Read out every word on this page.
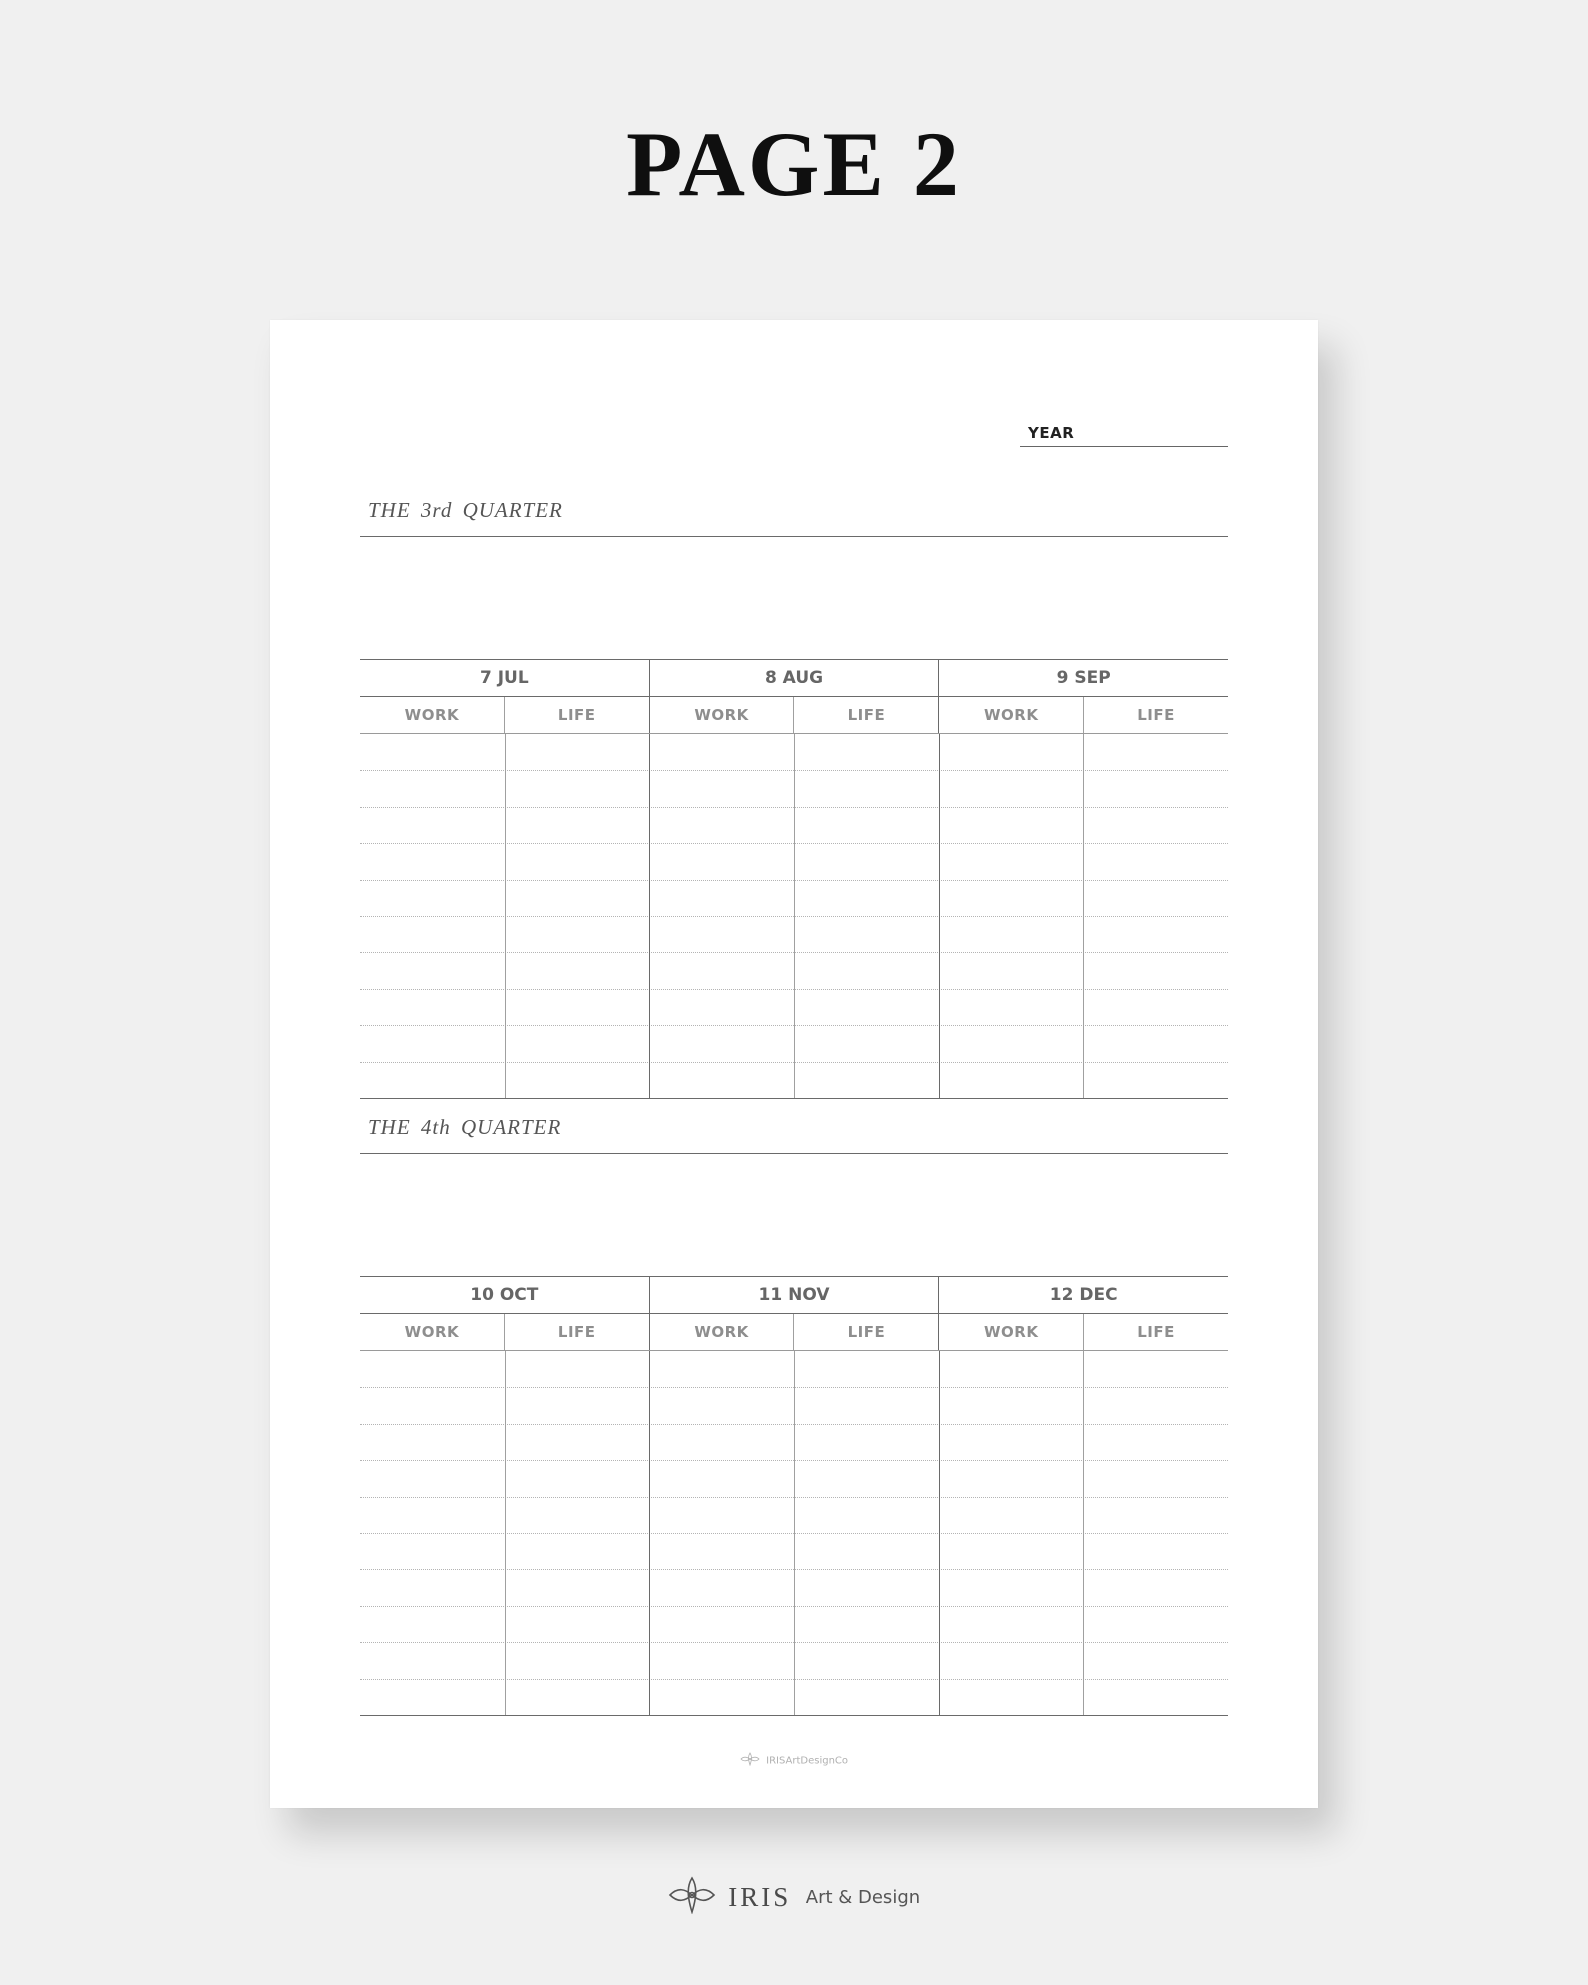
PAGE 2
YEAR
THE 3rd QUARTER
7 JUL	8 AUG	9 SEP
WORK	LIFE	WORK	LIFE	WORK	LIFE
THE 4th QUARTER
10 OCT	11 NOV	12 DEC
WORK	LIFE	WORK	LIFE	WORK	LIFE
IRISArtDesignCo
IRIS Art & Design
